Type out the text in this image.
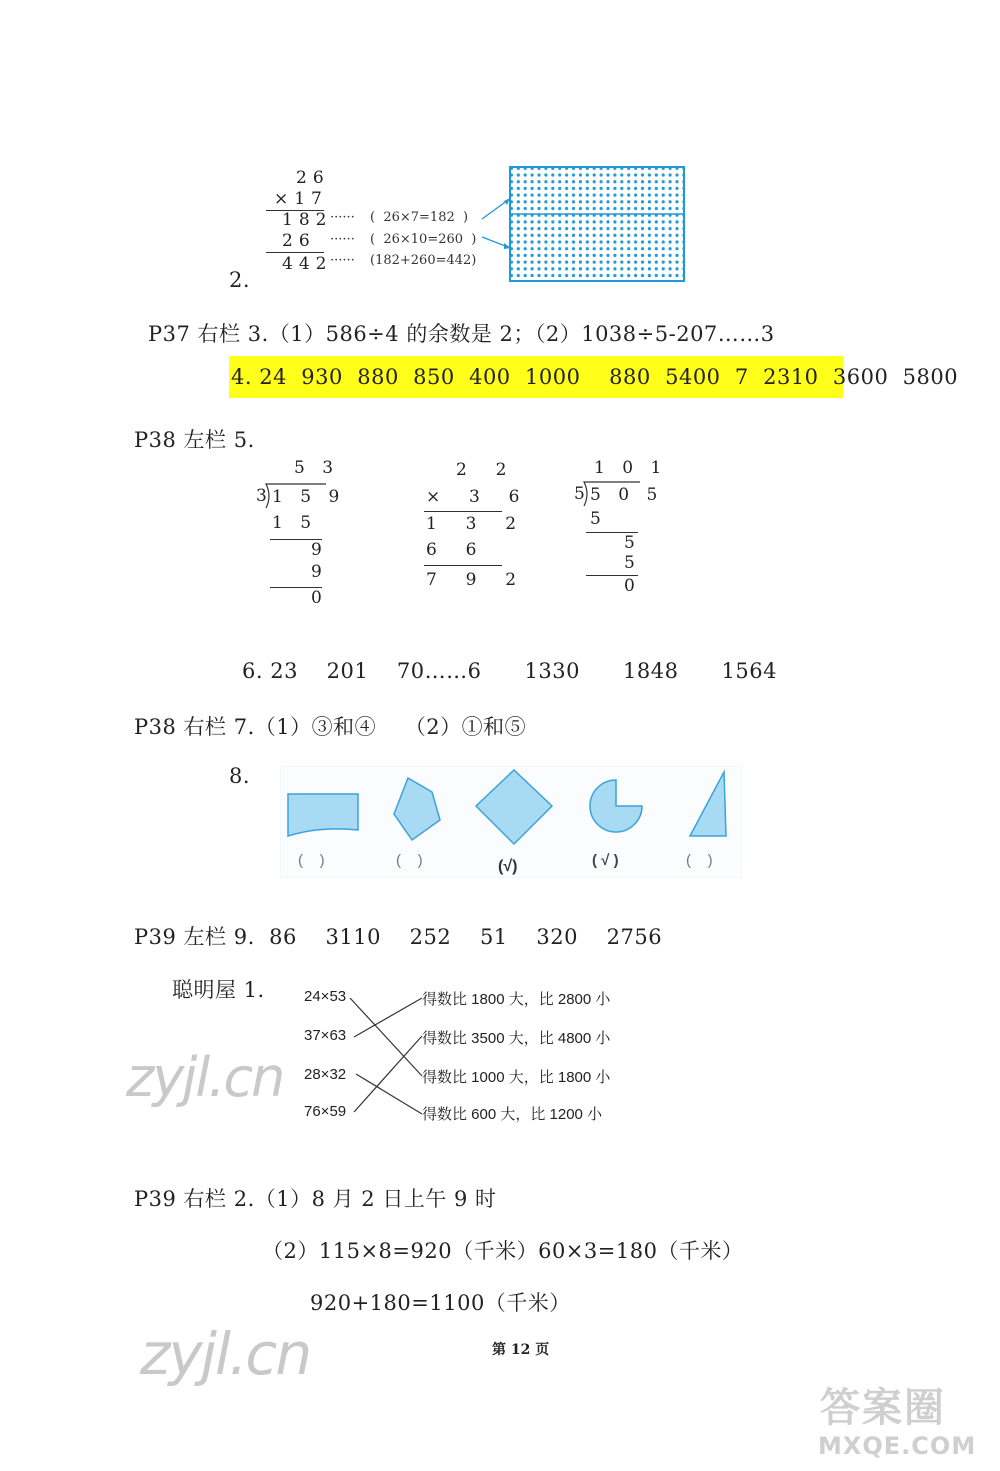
2.
26
×17
182
26
442
······
······
······
(  26×7=182  )
(  26×10=260  )
(182+260=442)
P37 右栏 3.（1）586÷4 的余数是 2；（2）1038÷5-207……3
4. 24  930  880  850  400  1000    880  5400  7  2310  3600  5800
P38 左栏 5.
5 3
3 1 5 9
1 5
9
9
0
2  2
×  3  6
1  3  2
6  6
7  9  2
1 0 1
5 5 0 5
5
5
5
0
6. 23    201    70……6      1330      1848      1564
P38 右栏 7.（1）③和④    （2）①和⑤
8.
(    )	(    )	(√)	( √ )	(    )
P39 左栏 9.  86    3110    252    51    320    2756
聪明屋 1.	24×53
37×63
28×32
76×59
得数比 1800 大，比 2800 小
得数比 3500 大，比 4800 小
得数比 1000 大，比 1800 小
得数比 600 大，比 1200 小
zyjl.cn
P39 右栏 2.（1）8 月 2 日上午 9 时
（2）115×8=920（千米）60×3=180（千米）
920+180=1100（千米）
zyjl.cn	第 12 页
答案圈
MXQE.COM
